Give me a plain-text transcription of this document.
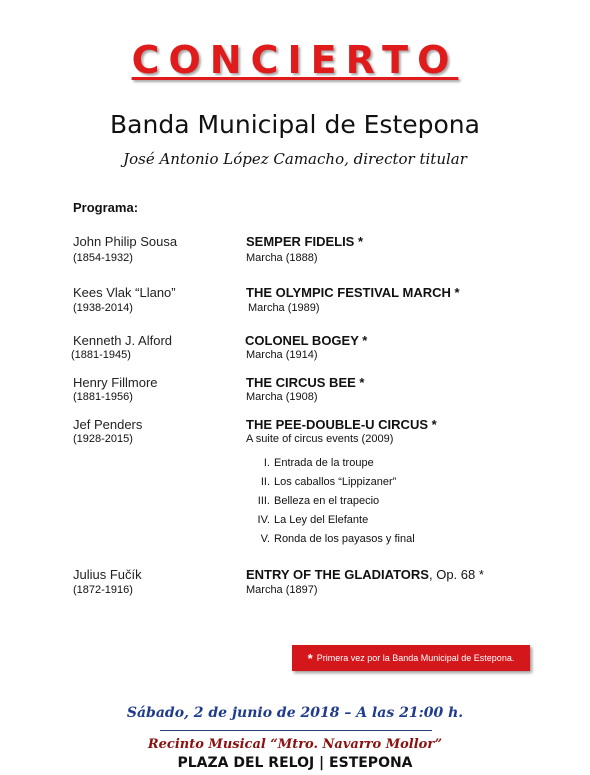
CONCIERTO
Banda Municipal de Estepona
José Antonio López Camacho, director titular
Programa:
John Philip Sousa
(1854-1932)
SEMPER FIDELIS *
Marcha (1888)
Kees Vlak “Llano”
(1938-2014)
THE OLYMPIC FESTIVAL MARCH *
Marcha (1989)
Kenneth J. Alford
(1881-1945)
COLONEL BOGEY *
Marcha (1914)
Henry Fillmore
(1881-1956)
THE CIRCUS BEE *
Marcha (1908)
Jef Penders
(1928-2015)
THE PEE-DOUBLE-U CIRCUS *
A suite of circus events (2009)
I. Entrada de la troupe
II. Los caballos “Lippizaner”
III. Belleza en el trapecio
IV. La Ley del Elefante
V. Ronda de los payasos y final
Julius Fučík
(1872-1916)
ENTRY OF THE GLADIATORS, Op. 68 *
Marcha (1897)
* Primera vez por la Banda Municipal de Estepona.
Sábado, 2 de junio de 2018 – A las 21:00 h.
Recinto Musical “Mtro. Navarro Mollor”
PLAZA DEL RELOJ | ESTEPONA
